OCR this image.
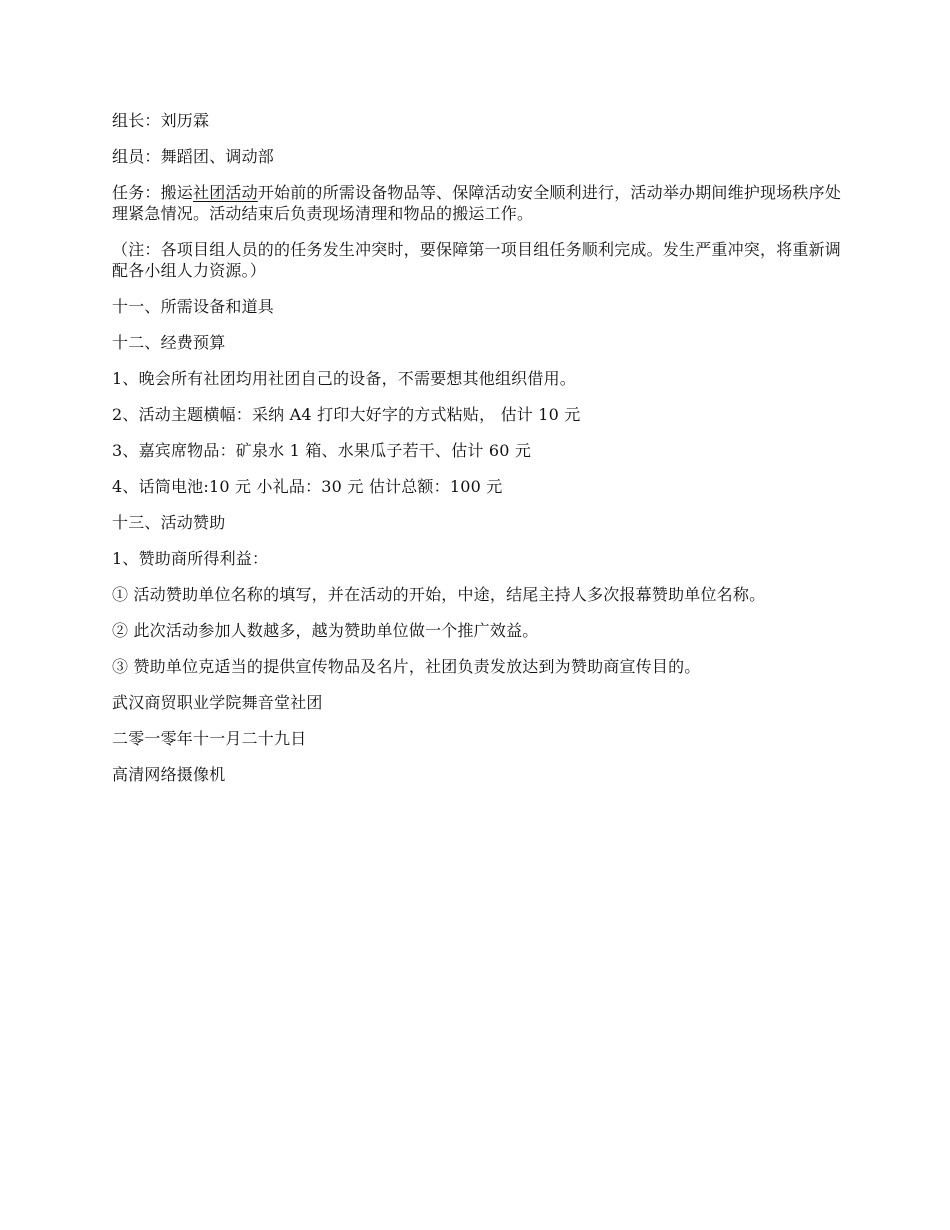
组长：刘历霖

组员：舞蹈团、调动部

任务：搬运社团活动开始前的所需设备物品等、保障活动安全顺利进行，活动举办期间维护现场秩序处理紧急情况。活动结束后负责现场清理和物品的搬运工作。

（注：各项目组人员的的任务发生冲突时，要保障第一项目组任务顺利完成。发生严重冲突，将重新调配各小组人力资源。）

十一、所需设备和道具

十二、经费预算

1、晚会所有社团均用社团自己的设备，不需要想其他组织借用。

2、活动主题横幅：采纳 A4 打印大好字的方式粘贴， 估计 10 元

3、嘉宾席物品：矿泉水 1 箱、水果瓜子若干、估计 60 元

4、话筒电池:10 元 小礼品：30 元 估计总额：100 元

十三、活动赞助

1、赞助商所得利益：

① 活动赞助单位名称的填写，并在活动的开始，中途，结尾主持人多次报幕赞助单位名称。

② 此次活动参加人数越多，越为赞助单位做一个推广效益。

③ 赞助单位克适当的提供宣传物品及名片，社团负责发放达到为赞助商宣传目的。

武汉商贸职业学院舞音堂社团

二零一零年十一月二十九日

高清网络摄像机
